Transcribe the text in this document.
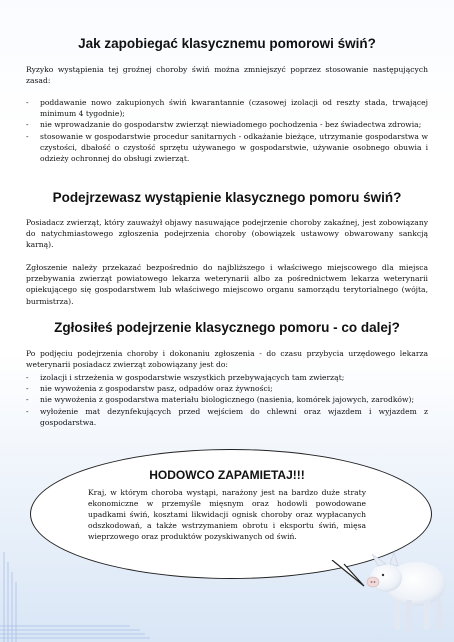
Jak zapobiegać klasycznemu pomorowi świń?

Ryzyko wystąpienia tej groźnej choroby świń można zmniejszyć poprzez stosowanie następujących zasad:

- poddawanie nowo zakupionych świń kwarantannie (czasowej izolacji od reszty stada, trwającej minimum 4 tygodnie);
- nie wprowadzanie do gospodarstw zwierząt niewiadomego pochodzenia - bez świadectwa zdrowia;
- stosowanie w gospodarstwie procedur sanitarnych - odkażanie bieżące, utrzymanie gospodarstwa w czystości, dbałość o czystość sprzętu używanego w gospodarstwie, używanie osobnego obuwia i odzieży ochronnej do obsługi zwierząt.
Podejrzewasz wystąpienie klasycznego pomoru świń?

Posiadacz zwierząt, który zauważył objawy nasuwające podejrzenie choroby zakaźnej, jest zobowiązany do natychmiastowego zgłoszenia podejrzenia choroby (obowiązek ustawowy obwarowany sankcją karną).

Zgłoszenie należy przekazać bezpośrednio do najbliższego i właściwego miejscowego dla miejsca przebywania zwierząt powiatowego lekarza weterynarii albo za pośrednictwem lekarza weterynarii opiekującego się gospodarstwem lub właściwego miejscowo organu samorządu terytorialnego (wójta, burmistrza).

Zgłosiłeś podejrzenie klasycznego pomoru - co dalej?

Po podjęciu podejrzenia choroby i dokonaniu zgłoszenia - do czasu przybycia urzędowego lekarza weterynarii posiadacz zwierząt zobowiązany jest do:

- izolacji i strzeżenia w gospodarstwie wszystkich przebywających tam zwierząt;
- nie wywożenia z gospodarstw pasz, odpadów oraz żywności;
- nie wywożenia z gospodarstwa materiału biologicznego (nasienia, komórek jajowych, zarodków);
- wyłożenie mat dezynfekujących przed wejściem do chlewni oraz wjazdem i wyjazdem z gospodarstwa.

HODOWCO ZAPAMIETAJ!!!

Kraj, w którym choroba wystąpi, narażony jest na bardzo duże straty ekonomiczne w przemyśle mięsnym oraz hodowli powodowane upadkami świń, kosztami likwidacji ognisk choroby oraz wypłacanych odszkodowań, a także wstrzymaniem obrotu i eksportu świń, mięsa wieprzowego oraz produktów pozyskiwanych od świń.
